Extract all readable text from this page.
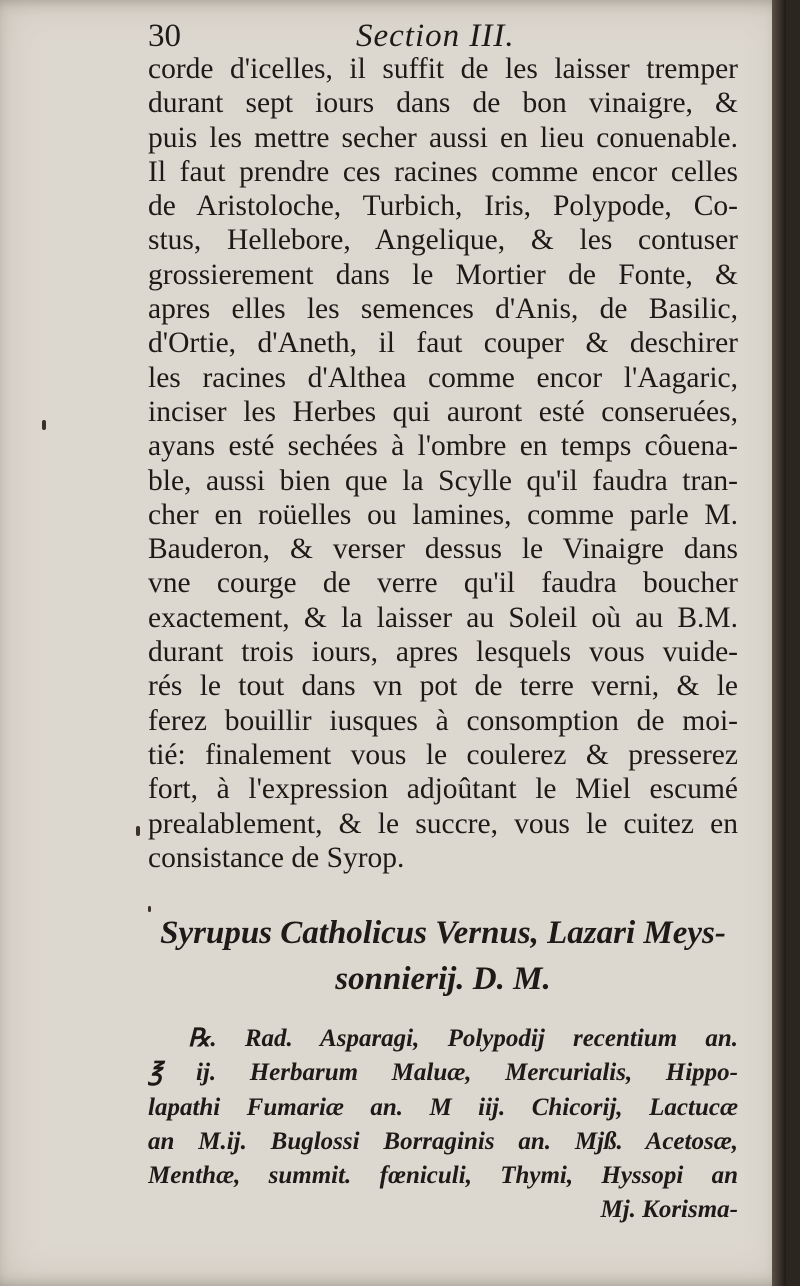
30	Section III.
corde d'icelles, il suffit de les laisser tremper
durant sept iours dans de bon vinaigre, &
puis les mettre secher aussi en lieu conuenable.
Il faut prendre ces racines comme encor celles
de Aristoloche, Turbich, Iris, Polypode, Co-
stus, Hellebore, Angelique, & les contuser
grossierement dans le Mortier de Fonte, &
apres elles les semences d'Anis, de Basilic,
d'Ortie, d'Aneth, il faut couper & deschirer
les racines d'Althea comme encor l'Aagaric,
inciser les Herbes qui auront esté conseruées,
ayans esté sechées à l'ombre en temps côuena-
ble, aussi bien que la Scylle qu'il faudra tran-
cher en roüelles ou lamines, comme parle M.
Bauderon, & verser dessus le Vinaigre dans
vne courge de verre qu'il faudra boucher
exactement, & la laisser au Soleil où au B.M.
durant trois iours, apres lesquels vous vuide-
rés le tout dans vn pot de terre verni, & le
ferez bouillir iusques à consomption de moi-
tié: finalement vous le coulerez & presserez
fort, à l'expression adjoûtant le Miel escumé
prealablement, & le succre, vous le cuitez en
consistance de Syrop.
Syrupus Catholicus Vernus, Lazari Meys-
sonnierij. D. M.
℞. Rad. Asparagi, Polypodij recentium an.
℥ ij. Herbarum Maluæ, Mercurialis, Hippo-
lapathi Fumariæ an. M iij. Chicorij, Lactucæ
an M.ij. Buglossi Borraginis an. Mjß. Acetosæ,
Menthæ, summit. fœniculi, Thymi, Hyssopi an
Mj. Korisma-
